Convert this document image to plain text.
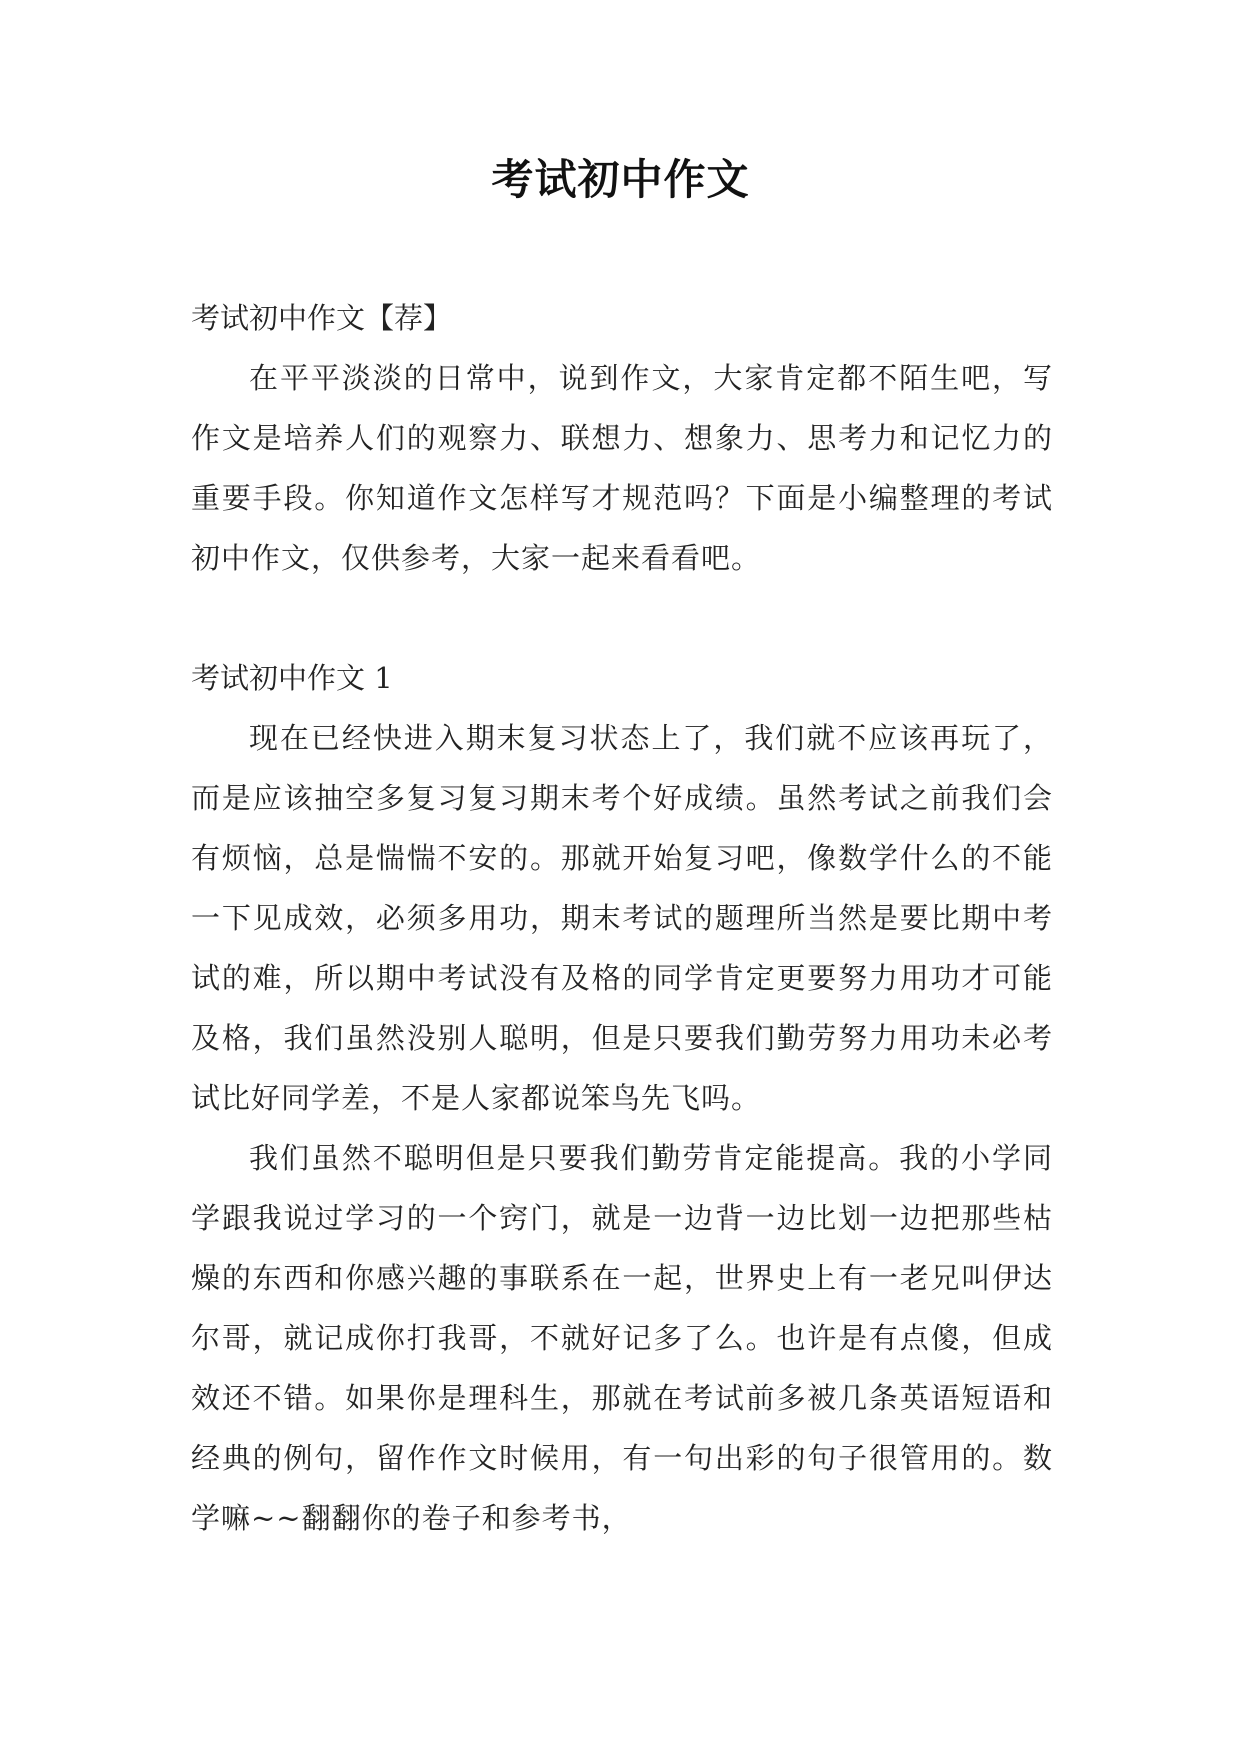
考试初中作文

考试初中作文【荐】

在平平淡淡的日常中，说到作文，大家肯定都不陌生吧，写作文是培养人们的观察力、联想力、想象力、思考力和记忆力的重要手段。你知道作文怎样写才规范吗？下面是小编整理的考试初中作文，仅供参考，大家一起来看看吧。

考试初中作文 1

现在已经快进入期末复习状态上了，我们就不应该再玩了，而是应该抽空多复习复习期末考个好成绩。虽然考试之前我们会有烦恼，总是惴惴不安的。那就开始复习吧，像数学什么的不能一下见成效，必须多用功，期末考试的题理所当然是要比期中考试的难，所以期中考试没有及格的同学肯定更要努力用功才可能及格，我们虽然没别人聪明，但是只要我们勤劳努力用功未必考试比好同学差，不是人家都说笨鸟先飞吗。

我们虽然不聪明但是只要我们勤劳肯定能提高。我的小学同学跟我说过学习的一个窍门，就是一边背一边比划一边把那些枯燥的东西和你感兴趣的事联系在一起，世界史上有一老兄叫伊达尔哥，就记成你打我哥，不就好记多了么。也许是有点傻，但成效还不错。如果你是理科生，那就在考试前多被几条英语短语和经典的例句，留作作文时候用，有一句出彩的句子很管用的。数学嘛~~翻翻你的卷子和参考书，
